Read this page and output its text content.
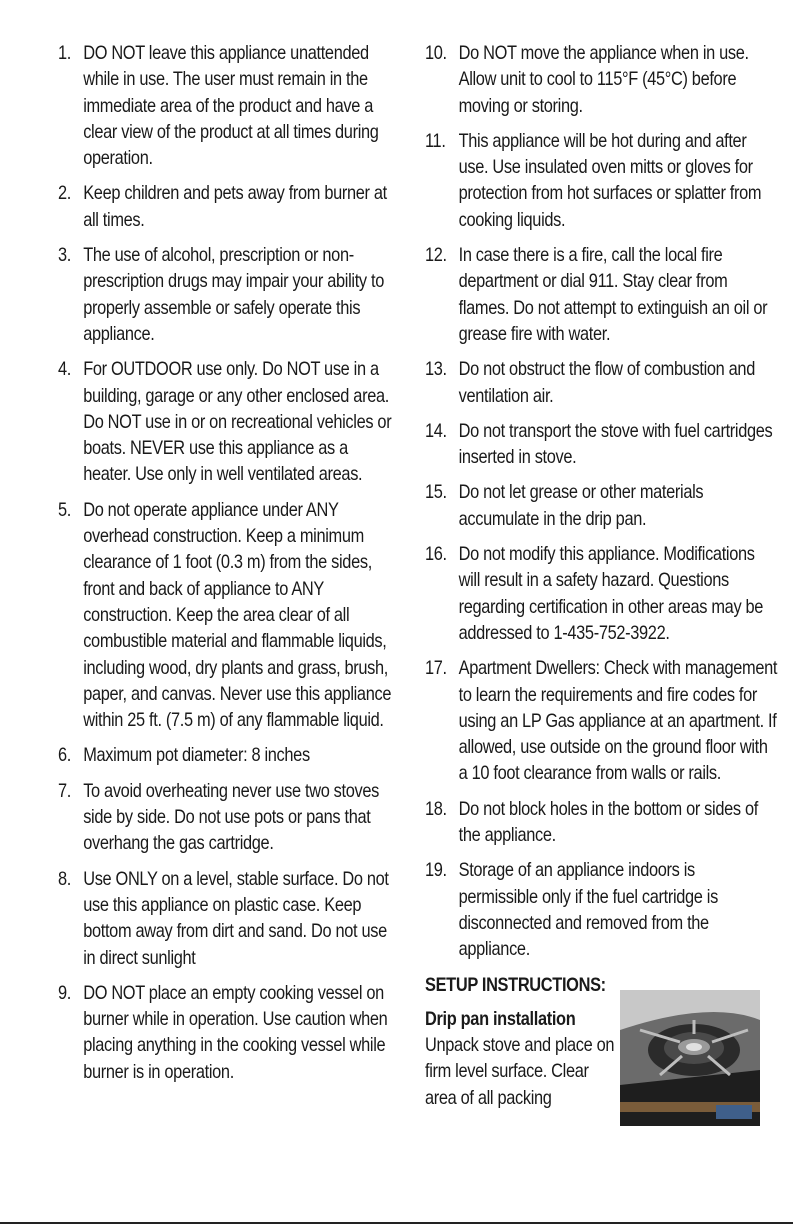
1. DO NOT leave this appliance unattended while in use. The user must remain in the immediate area of the product and have a clear view of the product at all times during operation.
2. Keep children and pets away from burner at all times.
3. The use of alcohol, prescription or non-prescription drugs may impair your ability to properly assemble or safely operate this appliance.
4. For OUTDOOR use only. Do NOT use in a building, garage or any other enclosed area. Do NOT use in or on recreational vehicles or boats. NEVER use this appliance as a heater. Use only in well ventilated areas.
5. Do not operate appliance under ANY overhead construction. Keep a minimum clearance of 1 foot (0.3 m) from the sides, front and back of appliance to ANY construction. Keep the area clear of all combustible material and flammable liquids, including wood, dry plants and grass, brush, paper, and canvas. Never use this appliance within 25 ft. (7.5 m) of any flammable liquid.
6. Maximum pot diameter: 8 inches
7. To avoid overheating never use two stoves side by side. Do not use pots or pans that overhang the gas cartridge.
8. Use ONLY on a level, stable surface. Do not use this appliance on plastic case. Keep bottom away from dirt and sand. Do not use in direct sunlight
9. DO NOT place an empty cooking vessel on burner while in operation. Use caution when placing anything in the cooking vessel while burner is in operation.
10. Do NOT move the appliance when in use. Allow unit to cool to 115°F (45°C) before moving or storing.
11. This appliance will be hot during and after use. Use insulated oven mitts or gloves for protection from hot surfaces or splatter from cooking liquids.
12. In case there is a fire, call the local fire department or dial 911. Stay clear from flames. Do not attempt to extinguish an oil or grease fire with water.
13. Do not obstruct the flow of combustion and ventilation air.
14. Do not transport the stove with fuel cartridges inserted in stove.
15. Do not let grease or other materials accumulate in the drip pan.
16. Do not modify this appliance. Modifications will result in a safety hazard. Questions regarding certification in other areas may be addressed to 1-435-752-3922.
17. Apartment Dwellers: Check with management to learn the requirements and fire codes for using an LP Gas appliance at an apartment. If allowed, use outside on the ground floor with a 10 foot clearance from walls or rails.
18. Do not block holes in the bottom or sides of the appliance.
19. Storage of an appliance indoors is permissible only if the fuel cartridge is disconnected and removed from the appliance.
SETUP INSTRUCTIONS:
Drip pan installation
Unpack stove and place on firm level surface. Clear area of all packing
